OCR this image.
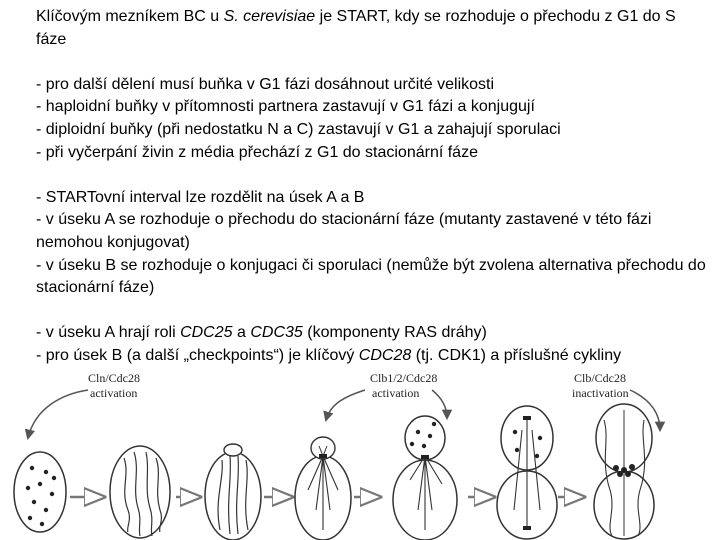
Klíčovým mezníkem BC u S. cerevisiae je START, kdy se rozhoduje o přechodu z G1 do S fáze

- pro další dělení musí buňka v G1 fázi dosáhnout určité velikosti

- haploidní buňky v přítomnosti partnera zastavují v G1 fázi a konjugují

- diploidní buňky (při nedostatku N a C) zastavují v G1 a zahajují sporulaci

- při vyčerpání živin z média přechází z G1 do stacionární fáze

- STARTovní interval lze rozdělit na úsek A a B

- v úseku A se rozhoduje o přechodu do stacionární fáze (mutanty zastavené v této fázi nemohou konjugovat)

- v úseku B se rozhoduje o konjugaci či sporulaci (nemůže být zvolena alternativa přechodu do stacionární fáze)

- v úseku A hrají roli CDC25 a CDC35 (komponenty RAS dráhy)

- pro úsek B (a další „checkpoints“) je klíčový CDC28 (tj. CDK1) a příslušné cykliny

Cln/Cdc28
activation
Clb1/2/Cdc28
activation
Clb/Cdc28
inactivation
